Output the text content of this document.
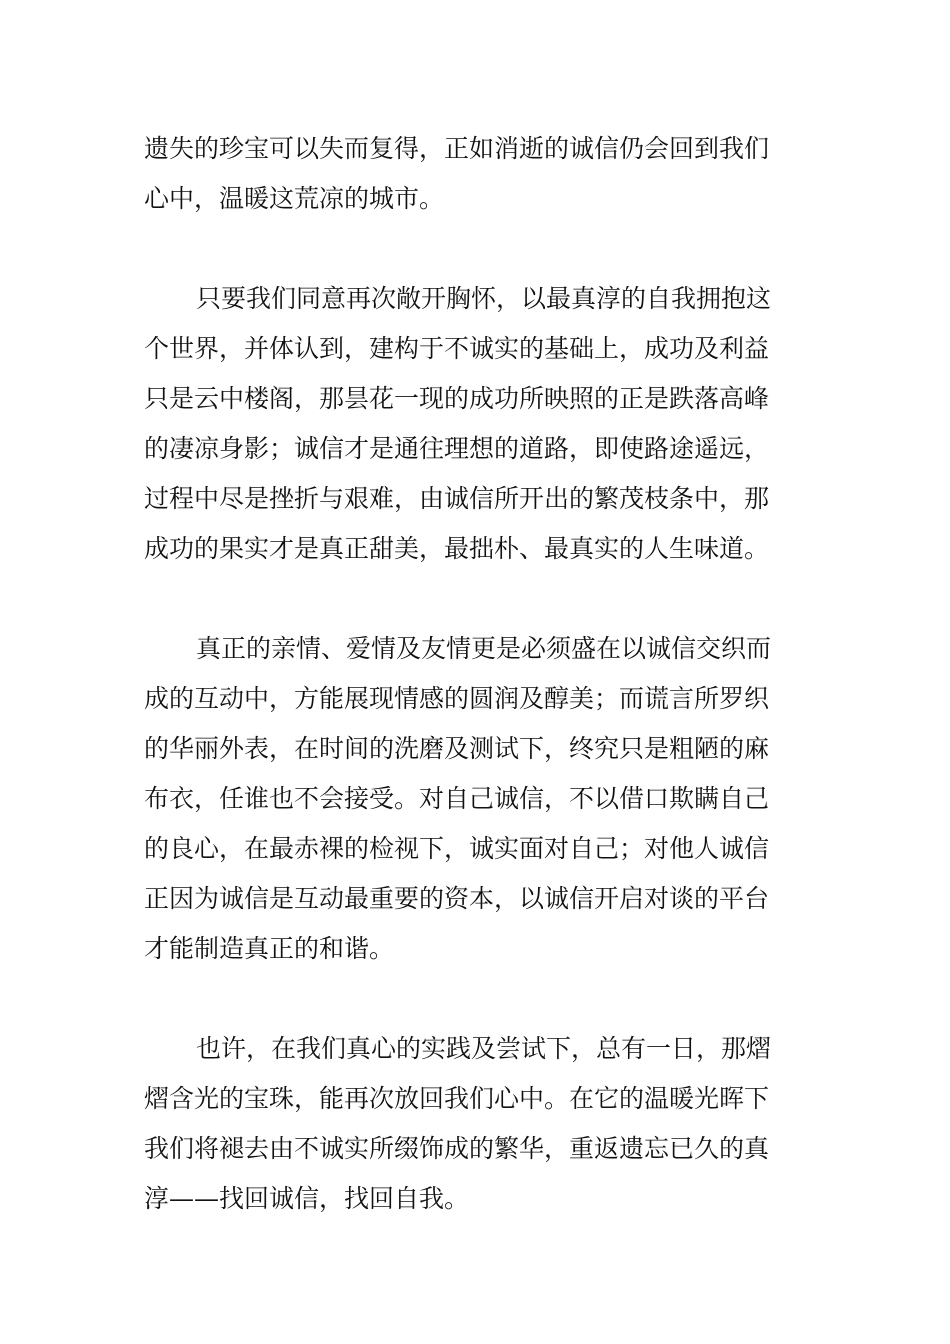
遗失的珍宝可以失而复得，正如消逝的诚信仍会回到我们
心中，温暖这荒凉的城市。
只要我们同意再次敞开胸怀，以最真淳的自我拥抱这
个世界，并体认到，建构于不诚实的基础上，成功及利益
只是云中楼阁，那昙花一现的成功所映照的正是跌落高峰
的凄凉身影；诚信才是通往理想的道路，即使路途遥远，
过程中尽是挫折与艰难，由诚信所开出的繁茂枝条中，那
成功的果实才是真正甜美，最拙朴、最真实的人生味道。
真正的亲情、爱情及友情更是必须盛在以诚信交织而
成的互动中，方能展现情感的圆润及醇美；而谎言所罗织
的华丽外表，在时间的洗磨及测试下，终究只是粗陋的麻
布衣，任谁也不会接受。对自己诚信，不以借口欺瞒自己
的良心，在最赤裸的检视下，诚实面对自己；对他人诚信
正因为诚信是互动最重要的资本，以诚信开启对谈的平台
才能制造真正的和谐。
也许，在我们真心的实践及尝试下，总有一日，那熠
熠含光的宝珠，能再次放回我们心中。在它的温暖光晖下
我们将褪去由不诚实所缀饰成的繁华，重返遗忘已久的真
淳——找回诚信，找回自我。
